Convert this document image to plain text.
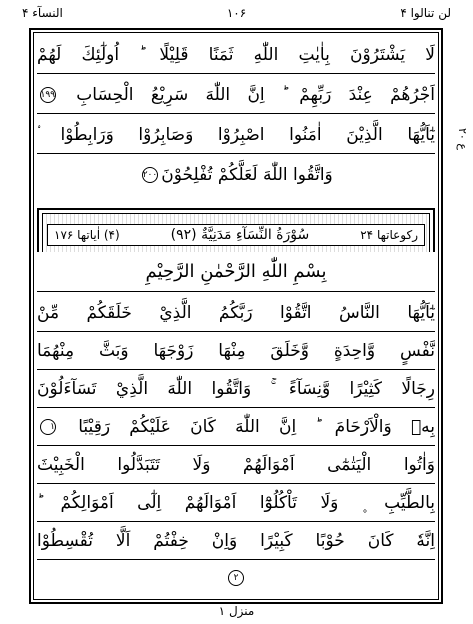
النسآء ۴	۱۰۶	لن تنالوا ۴
ع ۲۰
لَا يَشْتَرُوْنَ بِاٰيٰتِ اللّٰهِ ثَمَنًا قَلِيْلًا ؕ اُولٰٓئِكَ لَهُمْ
اَجْرُهُمْ عِنْدَ رَبِّهِمْ ؕ اِنَّ اللّٰهَ سَرِيْعُ الْحِسَابِ ۱۹۹
يٰٓاَيُّهَا الَّذِيْنَ اٰمَنُوا اصْبِرُوْا وَصَابِرُوْا وَرَابِطُوْا ۟
وَاتَّقُوا اللّٰهَ لَعَلَّكُمْ تُفْلِحُوْنَ
۲۰۰
رکوعاتها ۲۴
سُوْرَةُ النِّسَآءِ مَدَنِيَّةٌ (۹۲)
(۴) اٰیاتها ۱۷۶
بِسْمِ اللّٰهِ الرَّحْمٰنِ الرَّحِيْمِ
يٰٓاَيُّهَا النَّاسُ اتَّقُوْا رَبَّكُمُ الَّذِيْ خَلَقَكُمْ مِّنْ
نَّفْسٍ وَّاحِدَةٍ وَّخَلَقَ مِنْهَا زَوْجَهَا وَبَثَّ مِنْهُمَا
رِجَالًا كَثِيْرًا وَّنِسَآءً ۚ وَاتَّقُوا اللّٰهَ الَّذِيْ تَسَآءَلُوْنَ
بِهٖ وَالْاَرْحَامَ ؕ اِنَّ اللّٰهَ كَانَ عَلَيْكُمْ رَقِيْبًا ۱
وَاٰتُوا الْيَتٰمٰٓى اَمْوَالَهُمْ وَلَا تَتَبَدَّلُوا الْخَبِيْثَ
بِالطَّيِّبِ ۪ وَلَا تَاْكُلُوْٓا اَمْوَالَهُمْ اِلٰٓى اَمْوَالِكُمْ ؕ
اِنَّهٗ كَانَ حُوْبًا كَبِيْرًا وَاِنْ خِفْتُمْ اَلَّا تُقْسِطُوْا
۲
منزل ۱
